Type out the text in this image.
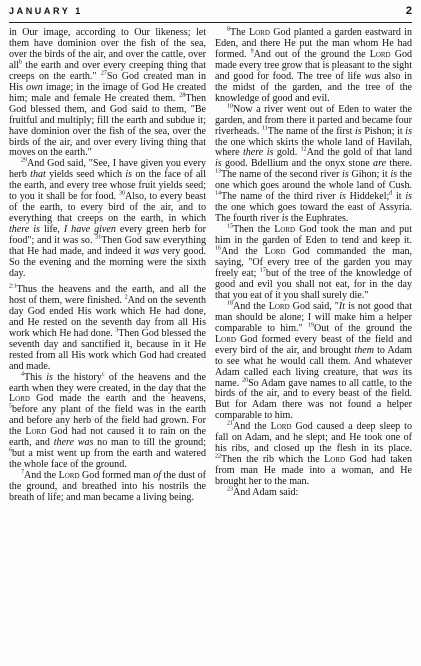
JANUARY 1	2

in Our image, according to Our likeness; let them have dominion over the fish of the sea, over the birds of the air, and over the cattle, over all$^b$ the earth and over every creeping thing that creeps on the earth." $^{27}$So God created man in His own image; in the image of God He created him; male and female He created them. $^{28}$Then God blessed them, and God said to them, "Be fruitful and multiply; fill the earth and subdue it; have dominion over the fish of the sea, over the birds of the air, and over every living thing that moves on the earth."

$^{29}$And God said, "See, I have given you every herb that yields seed which is on the face of all the earth, and every tree whose fruit yields seed; to you it shall be for food. $^{30}$Also, to every beast of the earth, to every bird of the air, and to everything that creeps on the earth, in which there is life, I have given every green herb for food"; and it was so. $^{31}$Then God saw everything that He had made, and indeed it was very good. So the evening and the morning were the sixth day.

$^{2:1}$Thus the heavens and the earth, and all the host of them, were finished. $^2$And on the seventh day God ended His work which He had done, and He rested on the seventh day from all His work which He had done. $^3$Then God blessed the seventh day and sanctified it, because in it He rested from all His work which God had created and made.

$^4$This is the history$^c$ of the heavens and the earth when they were created, in the day that the Lord God made the earth and the heavens, $^5$before any plant of the field was in the earth and before any herb of the field had grown. For the Lord God had not caused it to rain on the earth, and there was no man to till the ground; $^6$but a mist went up from the earth and watered the whole face of the ground.

$^7$And the Lord God formed man of the dust of the ground, and breathed into his nostrils the breath of life; and man became a living being.

$^8$The Lord God planted a garden eastward in Eden, and there He put the man whom He had formed. $^9$And out of the ground the Lord God made every tree grow that is pleasant to the sight and good for food. The tree of life was also in the midst of the garden, and the tree of the knowledge of good and evil.

$^{10}$Now a river went out of Eden to water the garden, and from there it parted and became four riverheads. $^{11}$The name of the first is Pishon; it is the one which skirts the whole land of Havilah, where there is gold. $^{12}$And the gold of that land is good. Bdellium and the onyx stone are there. $^{13}$The name of the second river is Gihon; it is the one which goes around the whole land of Cush. $^{14}$The name of the third river is Hiddekel;$^d$ it is the one which goes toward the east of Assyria. The fourth river is the Euphrates.

$^{15}$Then the Lord God took the man and put him in the garden of Eden to tend and keep it. $^{16}$And the Lord God commanded the man, saying, "Of every tree of the garden you may freely eat; $^{17}$but of the tree of the knowledge of good and evil you shall not eat, for in the day that you eat of it you shall surely die."

$^{18}$And the Lord God said, "It is not good that man should be alone; I will make him a helper comparable to him." $^{19}$Out of the ground the Lord God formed every beast of the field and every bird of the air, and brought them to Adam to see what he would call them. And whatever Adam called each living creature, that was its name. $^{20}$So Adam gave names to all cattle, to the birds of the air, and to every beast of the field. But for Adam there was not found a helper comparable to him.

$^{21}$And the Lord God caused a deep sleep to fall on Adam, and he slept; and He took one of his ribs, and closed up the flesh in its place. $^{22}$Then the rib which the Lord God had taken from man He made into a woman, and He brought her to the man.

$^{23}$And Adam said:
